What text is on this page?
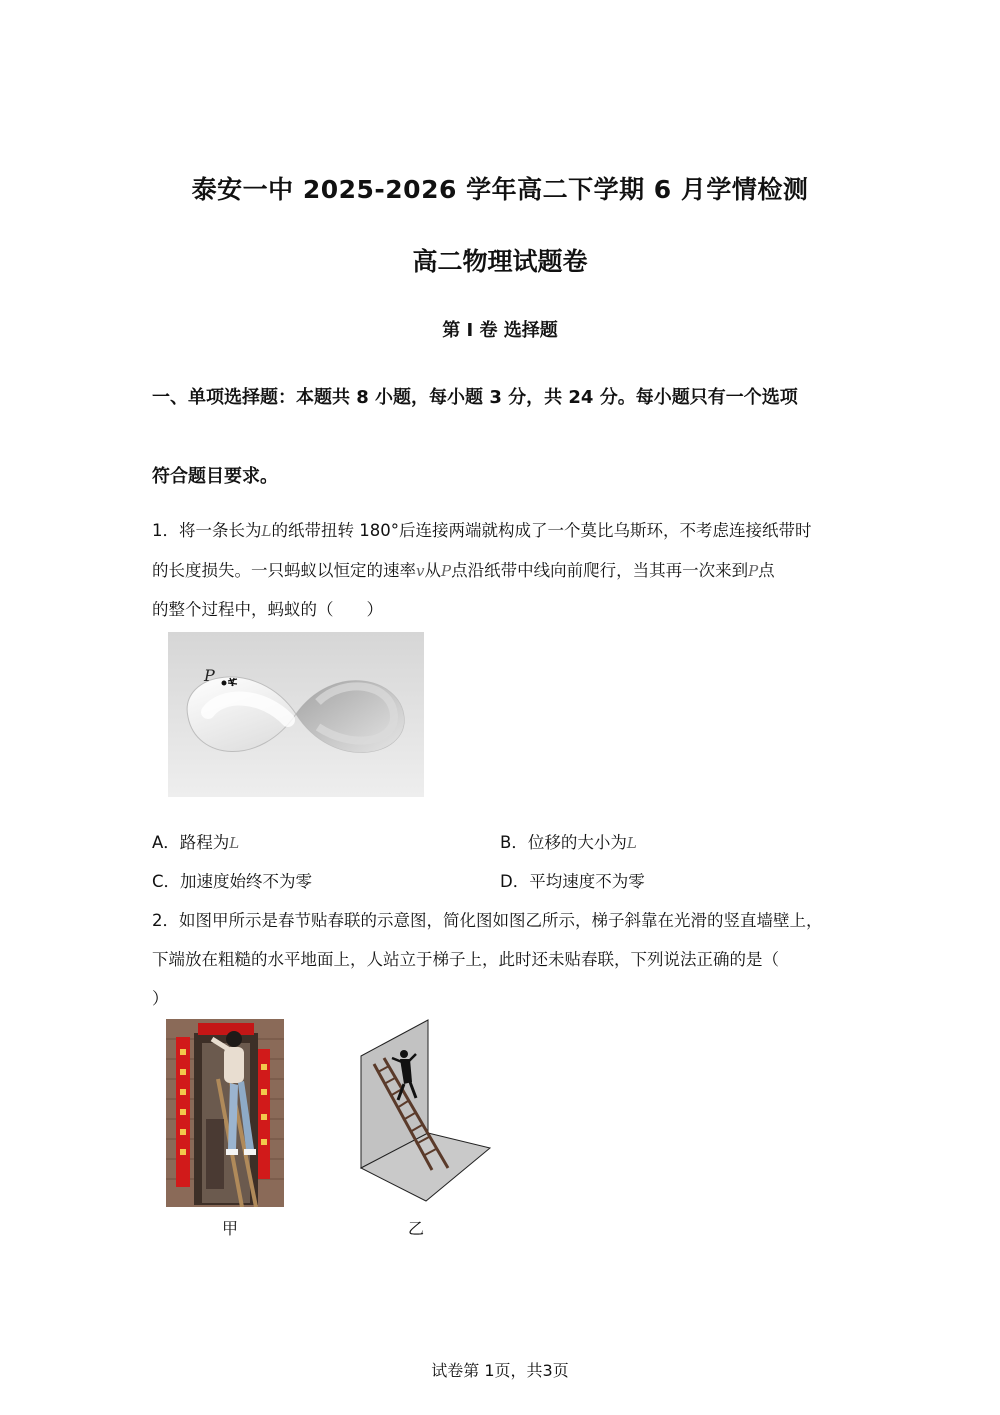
泰安一中 2025-2026 学年高二下学期 6 月学情检测
高二物理试题卷
第 I 卷 选择题
一、单项选择题：本题共 8 小题，每小题 3 分，共 24 分。每小题只有一个选项
符合题目要求。
1．将一条长为L的纸带扭转 180°后连接两端就构成了一个莫比乌斯环，不考虑连接纸带时
的长度损失。一只蚂蚁以恒定的速率v从P点沿纸带中线向前爬行，当其再一次来到P点
的整个过程中，蚂蚁的（　　）
P
A．路程为L	B．位移的大小为L
C．加速度始终不为零	D．平均速度不为零
2．如图甲所示是春节贴春联的示意图，简化图如图乙所示，梯子斜靠在光滑的竖直墙壁上，
下端放在粗糙的水平地面上，人站立于梯子上，此时还未贴春联，下列说法正确的是（
）
甲	乙
试卷第 1页，共3页
